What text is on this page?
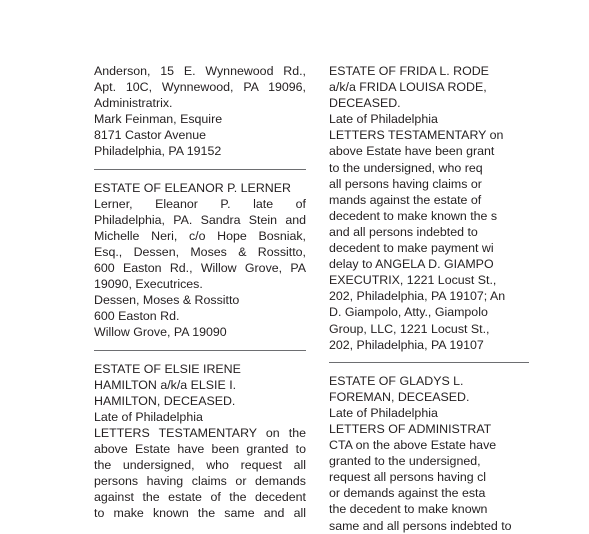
Anderson, 15 E. Wynnewood Rd.,
Apt. 10C, Wynnewood, PA 19096,
Administratrix.
Mark Feinman, Esquire
8171 Castor Avenue
Philadelphia, PA 19152
ESTATE OF ELEANOR P. LERNER
Lerner, Eleanor P. late of
Philadelphia, PA. Sandra Stein and
Michelle Neri, c/o Hope Bosniak,
Esq., Dessen, Moses & Rossitto,
600 Easton Rd., Willow Grove, PA
19090, Executrices.
Dessen, Moses & Rossitto
600 Easton Rd.
Willow Grove, PA 19090
ESTATE OF ELSIE IRENE
HAMILTON a/k/a ELSIE I.
HAMILTON, DECEASED.
Late of Philadelphia
LETTERS TESTAMENTARY on the
above Estate have been granted to
the undersigned, who request all
persons having claims or demands
against the estate of the decedent
to make known the same and all
ESTATE OF FRIDA L. RODE
a/k/a FRIDA LOUISA RODE,
DECEASED.
Late of Philadelphia
LETTERS TESTAMENTARY on
above Estate have been grant
to the undersigned, who req
all persons having claims or
mands against the estate of
decedent to make known the s
and all persons indebted to
decedent to make payment wi
delay to ANGELA D. GIAMPO
EXECUTRIX, 1221 Locust St.,
202, Philadelphia, PA 19107; An
D. Giampolo, Atty., Giampolo
Group, LLC, 1221 Locust St.,
202, Philadelphia, PA 19107
ESTATE OF GLADYS L.
FOREMAN, DECEASED.
Late of Philadelphia
LETTERS OF ADMINISTRAT
CTA on the above Estate have
granted to the undersigned,
request all persons having cl
or demands against the esta
the decedent to make known
same and all persons indebted to
